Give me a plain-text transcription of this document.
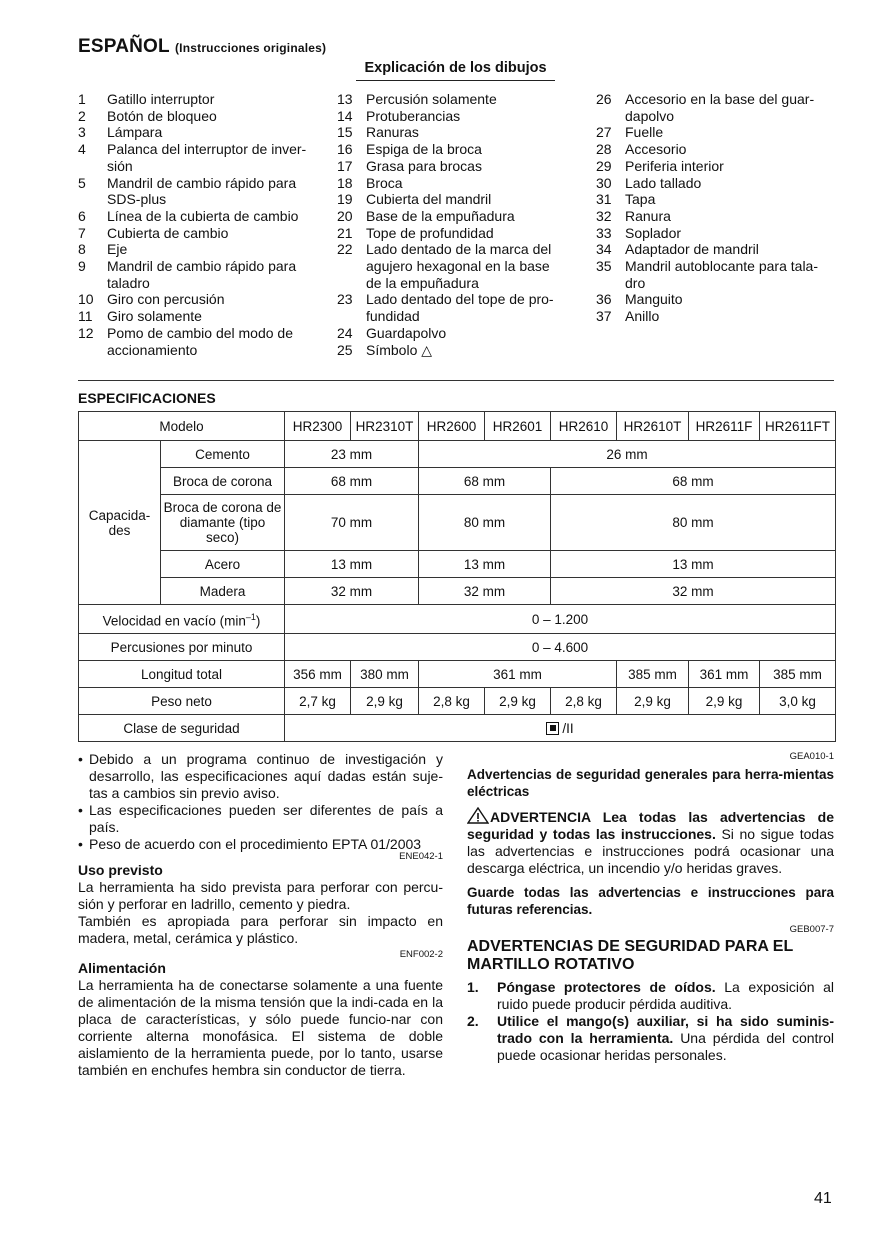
ESPAÑOL (Instrucciones originales)
Explicación de los dibujos
1	Gatillo interruptor
2	Botón de bloqueo
3	Lámpara
4	Palanca del interruptor de inver-sión
5	Mandril de cambio rápido para SDS-plus
6	Línea de la cubierta de cambio
7	Cubierta de cambio
8	Eje
9	Mandril de cambio rápido para taladro
10 Giro con percusión
11	Giro solamente
12 Pomo de cambio del modo de accionamiento
13 Percusión solamente
14 Protuberancias
15 Ranuras
16 Espiga de la broca
17 Grasa para brocas
18 Broca
19 Cubierta del mandril
20 Base de la empuñadura
21 Tope de profundidad
22 Lado dentado de la marca del agujero hexagonal en la base de la empuñadura
23 Lado dentado del tope de pro-fundidad
24 Guardapolvo
25 Símbolo △
26 Accesorio en la base del guar-dapolvo
27 Fuelle
28 Accesorio
29 Periferia interior
30 Lado tallado
31 Tapa
32 Ranura
33 Soplador
34 Adaptador de mandril
35 Mandril autoblocante para tala-dro
36 Manguito
37 Anillo
ESPECIFICACIONES
Modelo		HR2300	HR2310T	HR2600	HR2601	HR2610	HR2610T	HR2611F	HR2611FT
Capacida-des	Cemento	23 mm		26 mm					
	Broca de corona	68 mm		68 mm		68 mm			
	Broca de corona de diamante (tipo seco)	70 mm		80 mm		80 mm			
	Acero	13 mm		13 mm		13 mm			
	Madera	32 mm		32 mm		32 mm			
Velocidad en vacío $(\min^{-1})$		0 – 1.200							
Percusiones por minuto		0 – 4.600							
Longitud total		356 mm	380 mm	361 mm			385 mm	361 mm	385 mm
Peso neto		2,7 kg	2,9 kg	2,8 kg	2,9 kg	2,8 kg	2,9 kg	2,9 kg	3,0 kg
Clase de seguridad		/II							
• Debido a un programa continuo de investigación y desarrollo, las especificaciones aquí dadas están suje-tas a cambios sin previo aviso.
• Las especificaciones pueden ser diferentes de país a país.
• Peso de acuerdo con el procedimiento EPTA 01/2003
ENE042-1
Uso previsto
La herramienta ha sido prevista para perforar con percu-sión y perforar en ladrillo, cemento y piedra.
También es apropiada para perforar sin impacto en madera, metal, cerámica y plástico.
ENF002-2
Alimentación
La herramienta ha de conectarse solamente a una fuente de alimentación de la misma tensión que la indi-cada en la placa de características, y sólo puede funcio-nar con corriente alterna monofásica. El sistema de doble aislamiento de la herramienta puede, por lo tanto, usarse también en enchufes hembra sin conductor de tierra.
GEA010-1
Advertencias de seguridad generales para herra-mientas eléctricas
ADVERTENCIA Lea todas las advertencias de seguridad y todas las instrucciones. Si no sigue todas las advertencias e instrucciones podrá ocasionar una descarga eléctrica, un incendio y/o heridas graves.
Guarde todas las advertencias e instrucciones para futuras referencias.
GEB007-7
ADVERTENCIAS DE SEGURIDAD PARA EL MARTILLO ROTATIVO
1.	Póngase protectores de oídos. La exposición al ruido puede producir pérdida auditiva.
2.	Utilice el mango(s) auxiliar, si ha sido suminis-trado con la herramienta. Una pérdida del control puede ocasionar heridas personales.
41
